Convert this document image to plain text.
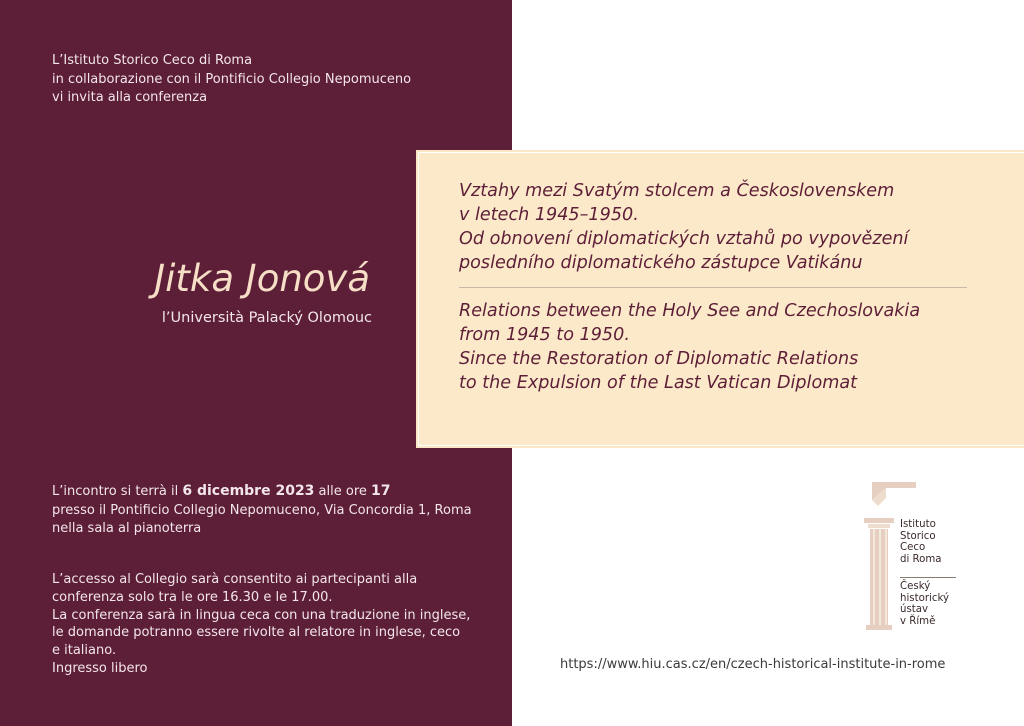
L’Istituto Storico Ceco di Roma
in collaborazione con il Pontificio Collegio Nepomuceno
vi invita alla conferenza
Jitka Jonová
l’Università Palacký Olomouc
Vztahy mezi Svatým stolcem a Československem
v letech 1945–1950.
Od obnovení diplomatických vztahů po vypovězení
posledního diplomatického zástupce Vatikánu
Relations between the Holy See and Czechoslovakia
from 1945 to 1950.
Since the Restoration of Diplomatic Relations
to the Expulsion of the Last Vatican Diplomat
L’incontro si terrà il 6 dicembre 2023 alle ore 17
presso il Pontificio Collegio Nepomuceno, Via Concordia 1, Roma
nella sala al pianoterra
L’accesso al Collegio sarà consentito ai partecipanti alla
conferenza solo tra le ore 16.30 e le 17.00.
La conferenza sarà in lingua ceca con una traduzione in inglese,
le domande potranno essere rivolte al relatore in inglese, ceco
e italiano.
Ingresso libero
Istituto
Storico
Ceco
di Roma
Český
historický
ústav
v Římě
https://www.hiu.cas.cz/en/czech-historical-institute-in-rome
